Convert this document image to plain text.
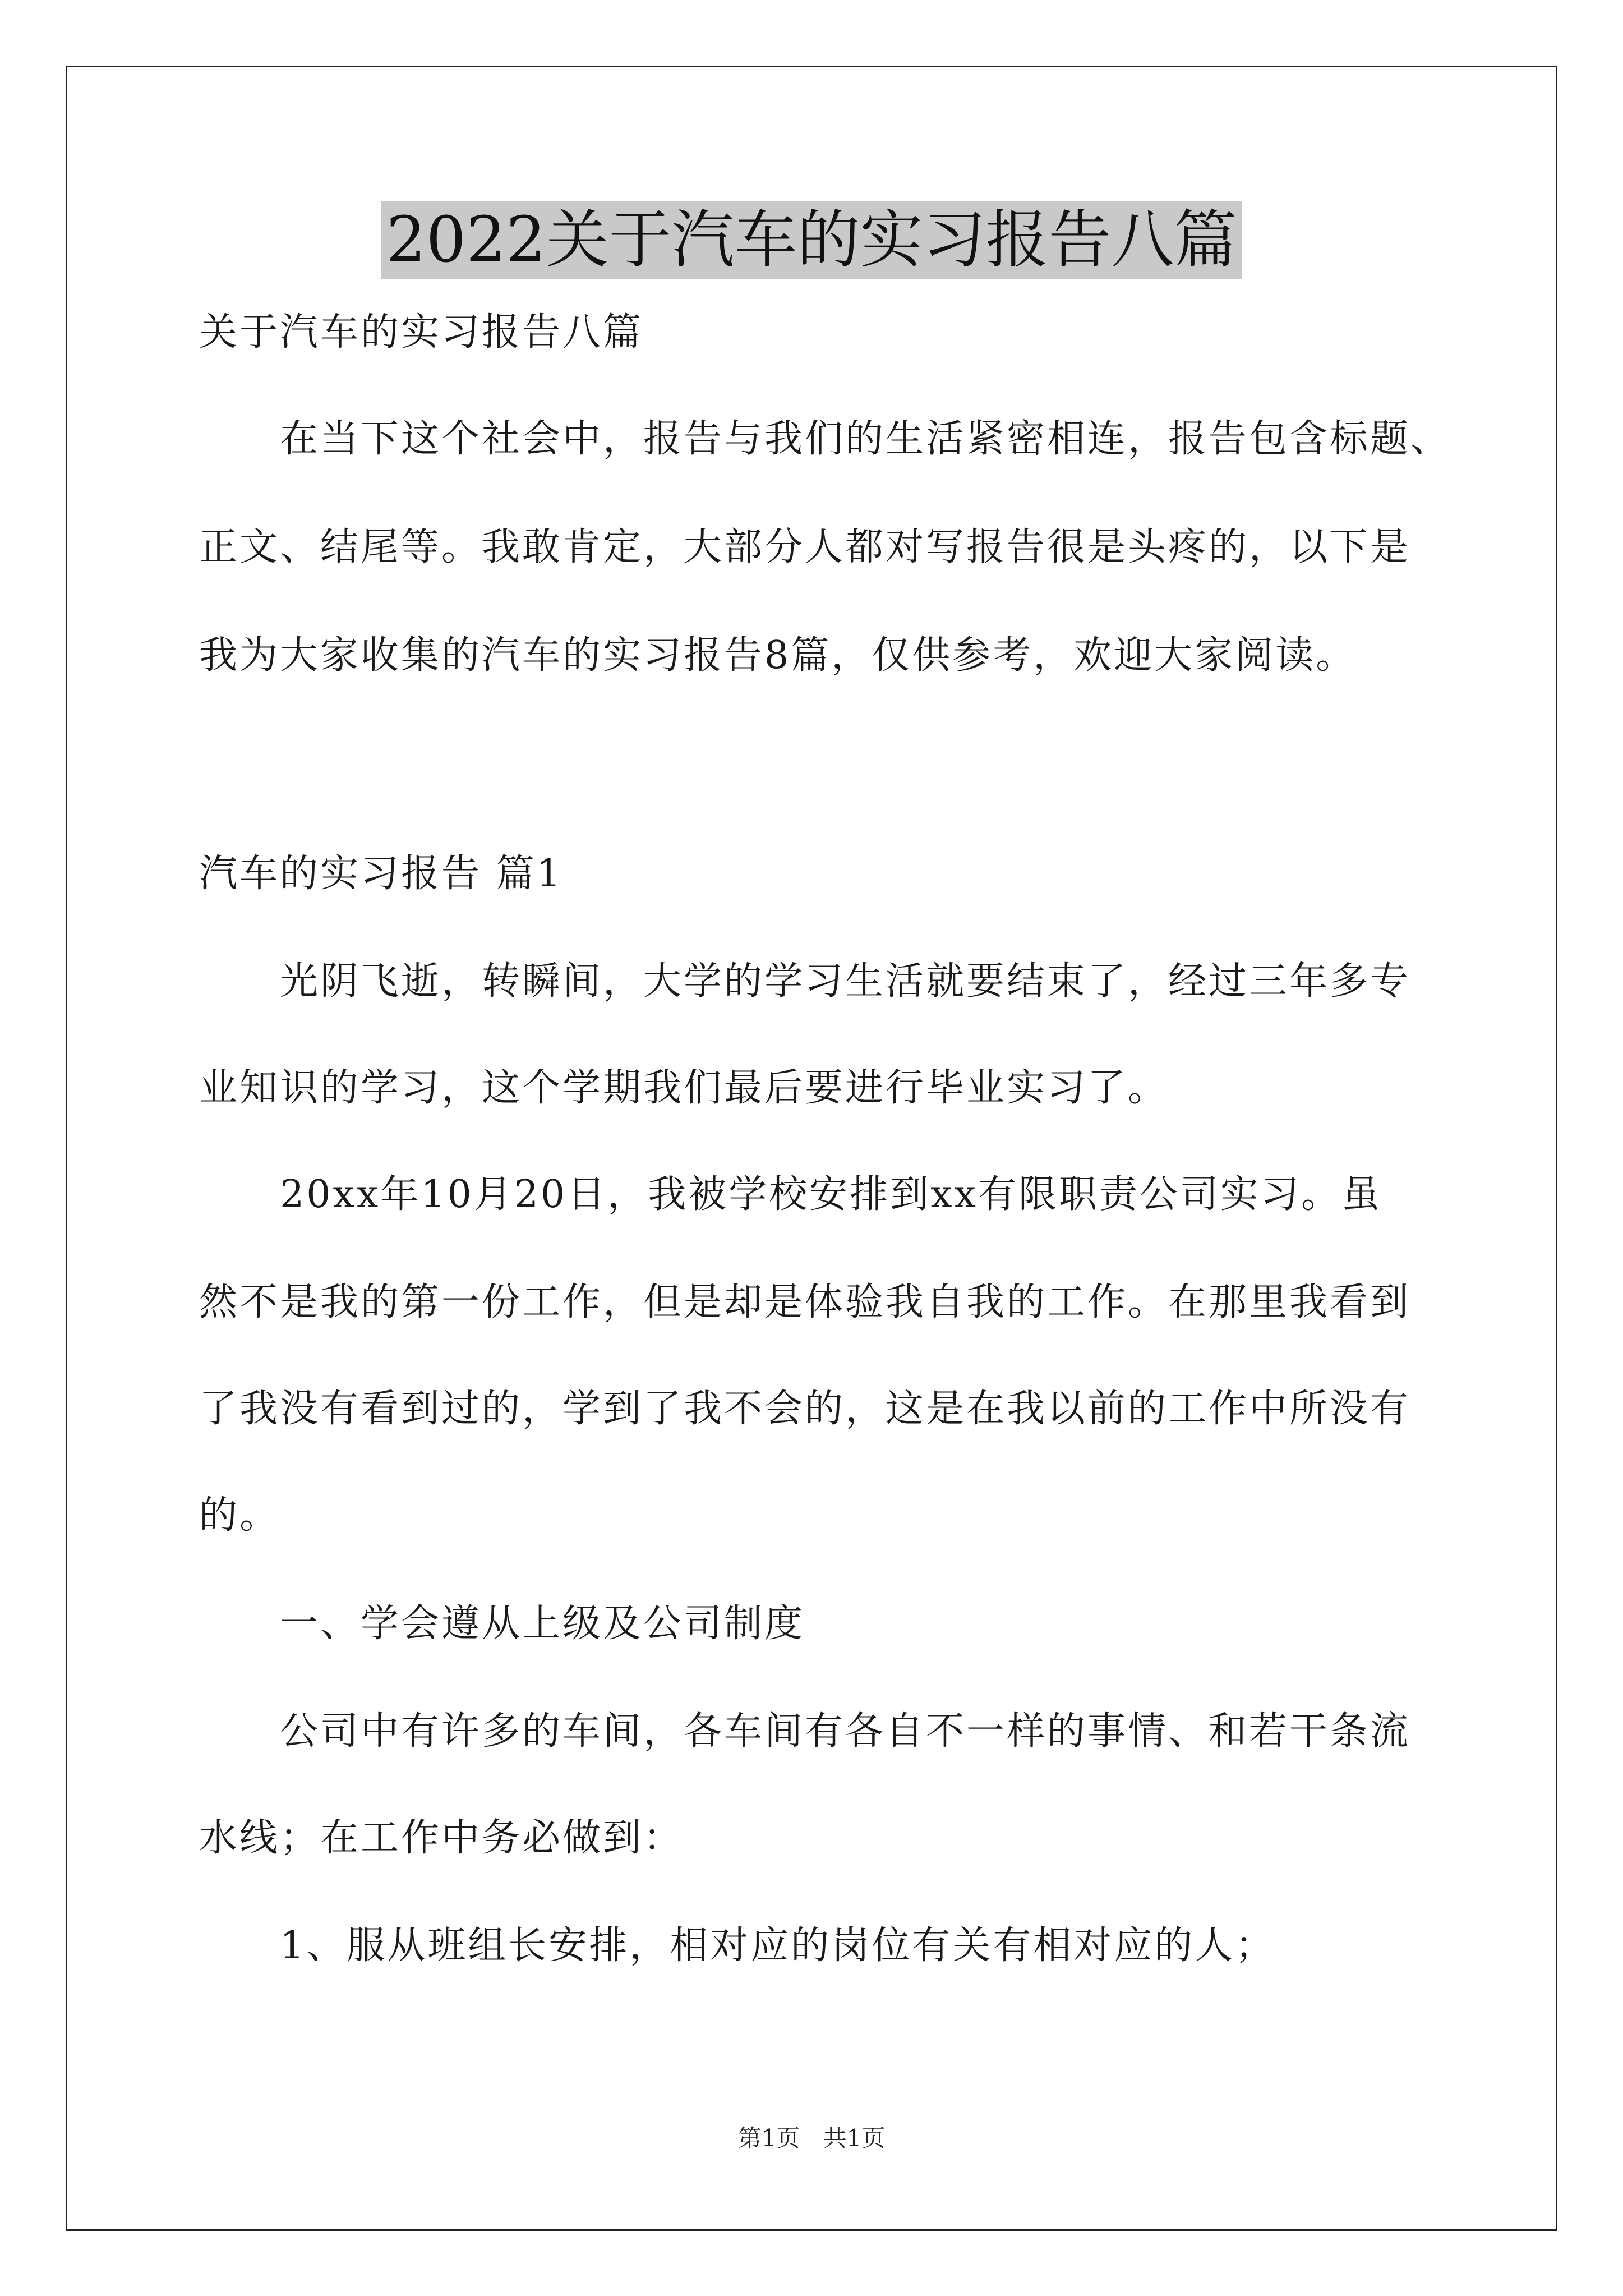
2022关于汽车的实习报告八篇
关于汽车的实习报告八篇
在当下这个社会中，报告与我们的生活紧密相连，报告包含标题、
正文、结尾等。我敢肯定，大部分人都对写报告很是头疼的，以下是
我为大家收集的汽车的实习报告8篇，仅供参考，欢迎大家阅读。
汽车的实习报告 篇1
光阴飞逝，转瞬间，大学的学习生活就要结束了，经过三年多专
业知识的学习，这个学期我们最后要进行毕业实习了。
20xx年10月20日，我被学校安排到xx有限职责公司实习。虽
然不是我的第一份工作，但是却是体验我自我的工作。在那里我看到
了我没有看到过的，学到了我不会的，这是在我以前的工作中所没有
的。
一、学会遵从上级及公司制度
公司中有许多的车间，各车间有各自不一样的事情、和若干条流
水线；在工作中务必做到：
1、服从班组长安排，相对应的岗位有关有相对应的人；
第1页 共1页
